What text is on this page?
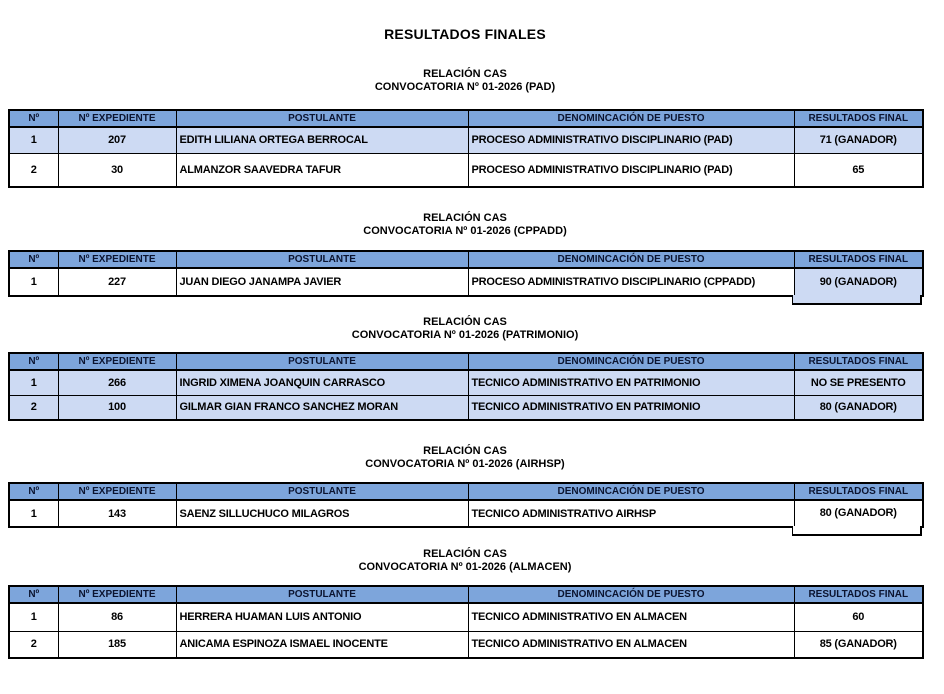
RESULTADOS FINALES
RELACIÓN CAS
CONVOCATORIA Nº 01-2026 (PAD)
Nº	Nº EXPEDIENTE	POSTULANTE	DENOMINCACIÓN DE PUESTO	RESULTADOS FINAL
1	207	EDITH LILIANA ORTEGA BERROCAL	PROCESO ADMINISTRATIVO DISCIPLINARIO (PAD)	71 (GANADOR)
2	30	ALMANZOR SAAVEDRA TAFUR	PROCESO ADMINISTRATIVO DISCIPLINARIO (PAD)	65
RELACIÓN CAS
CONVOCATORIA Nº 01-2026 (CPPADD)
Nº	Nº EXPEDIENTE	POSTULANTE	DENOMINCACIÓN DE PUESTO	RESULTADOS FINAL
1	227	JUAN DIEGO JANAMPA JAVIER	PROCESO ADMINISTRATIVO DISCIPLINARIO (CPPADD)	90 (GANADOR)
RELACIÓN CAS
CONVOCATORIA Nº 01-2026 (PATRIMONIO)
Nº	Nº EXPEDIENTE	POSTULANTE	DENOMINCACIÓN DE PUESTO	RESULTADOS FINAL
1	266	INGRID XIMENA JOANQUIN CARRASCO	TECNICO ADMINISTRATIVO EN PATRIMONIO	NO SE PRESENTO
2	100	GILMAR GIAN FRANCO SANCHEZ MORAN	TECNICO ADMINISTRATIVO EN PATRIMONIO	80 (GANADOR)
RELACIÓN CAS
CONVOCATORIA Nº 01-2026 (AIRHSP)
Nº	Nº EXPEDIENTE	POSTULANTE	DENOMINCACIÓN DE PUESTO	RESULTADOS FINAL
1	143	SAENZ SILLUCHUCO MILAGROS	TECNICO ADMINISTRATIVO AIRHSP	80 (GANADOR)
RELACIÓN CAS
CONVOCATORIA Nº 01-2026 (ALMACEN)
Nº	Nº EXPEDIENTE	POSTULANTE	DENOMINCACIÓN DE PUESTO	RESULTADOS FINAL
1	86	HERRERA HUAMAN LUIS ANTONIO	TECNICO ADMINISTRATIVO EN ALMACEN	60
2	185	ANICAMA ESPINOZA ISMAEL INOCENTE	TECNICO ADMINISTRATIVO EN ALMACEN	85 (GANADOR)
